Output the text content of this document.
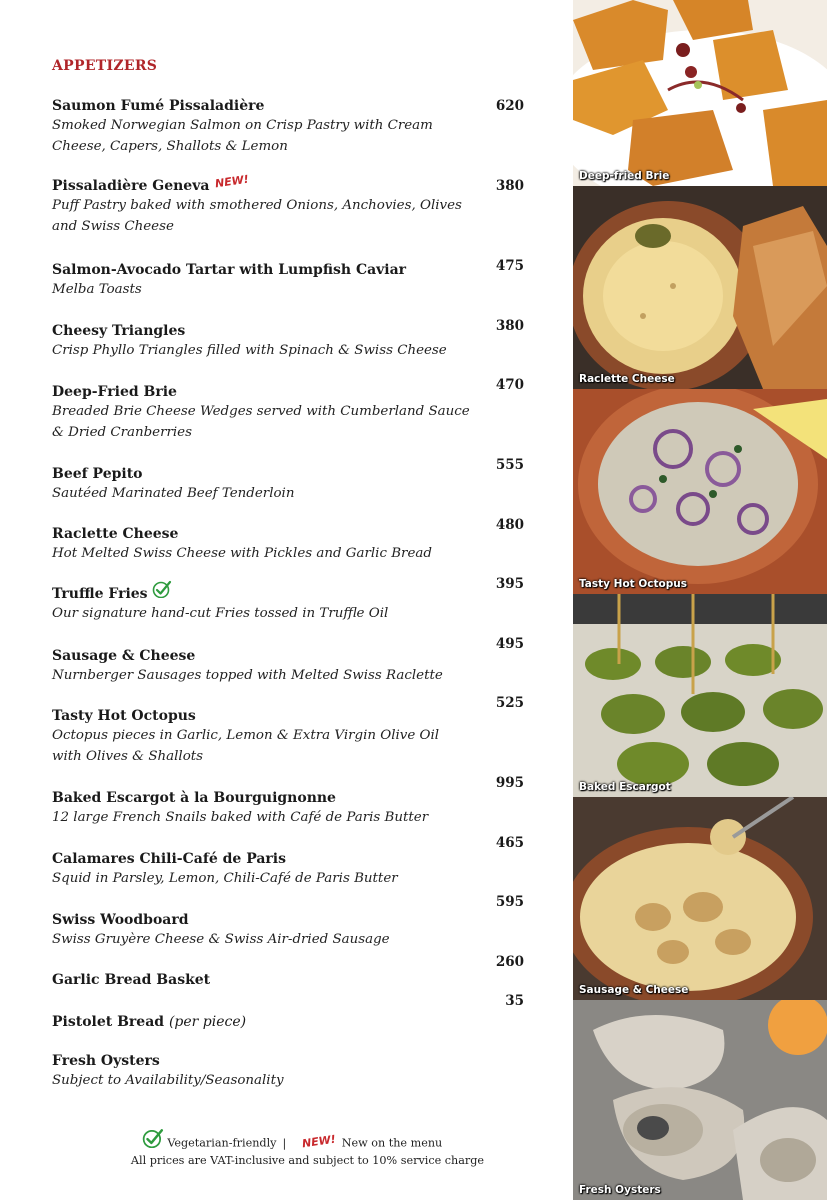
APPETIZERS
Saumon Fumé Pissaladière
Smoked Norwegian Salmon on Crisp Pastry with Cream
Cheese, Capers, Shallots & Lemon
620
Pissaladière Geneva NEW!
Puff Pastry baked with smothered Onions, Anchovies, Olives
and Swiss Cheese
380
Salmon-Avocado Tartar with Lumpfish Caviar
Melba Toasts
475
Cheesy Triangles
Crisp Phyllo Triangles filled with Spinach & Swiss Cheese
380
Deep-Fried Brie
Breaded Brie Cheese Wedges served with Cumberland Sauce
& Dried Cranberries
470
Beef Pepito
Sautéed Marinated Beef Tenderloin
555
Raclette Cheese
Hot Melted Swiss Cheese with Pickles and Garlic Bread
480
Truffle Fries
Our signature hand-cut Fries tossed in Truffle Oil
395
Sausage & Cheese
Nurnberger Sausages topped with Melted Swiss Raclette
495
Tasty Hot Octopus
Octopus pieces in Garlic, Lemon & Extra Virgin Olive Oil
with Olives & Shallots
525
Baked Escargot à la Bourguignonne
12 large French Snails baked with Café de Paris Butter
995
Calamares Chili-Café de Paris
Squid in Parsley, Lemon, Chili-Café de Paris Butter
465
Swiss Woodboard
Swiss Gruyère Cheese & Swiss Air-dried Sausage
595
Garlic Bread Basket
260
Pistolet Bread (per piece)
35
Fresh Oysters
Subject to Availability/Seasonality
Vegetarian-friendly | NEW! New on the menu
All prices are VAT-inclusive and subject to 10% service charge
Deep-fried Brie
Raclette Cheese
Tasty Hot Octopus
Baked Escargot
Sausage & Cheese
Fresh Oysters
